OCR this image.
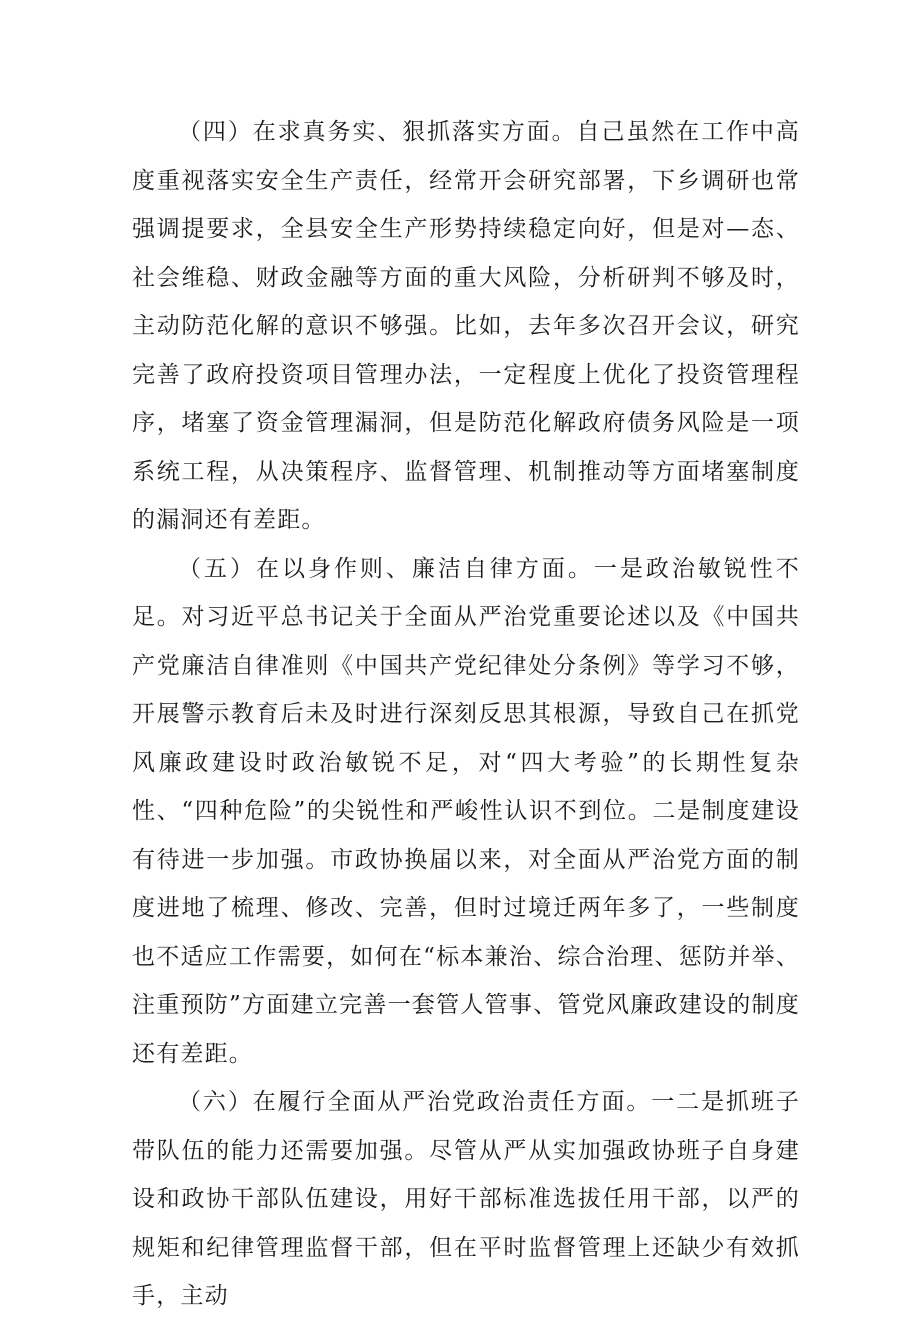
（四）在求真务实、狠抓落实方面。自己虽然在工作中高度重视落实安全生产责任，经常开会研究部署，下乡调研也常强调提要求，全县安全生产形势持续稳定向好，但是对—态、社会维稳、财政金融等方面的重大风险，分析研判不够及时，主动防范化解的意识不够强。比如，去年多次召开会议，研究完善了政府投资项目管理办法，一定程度上优化了投资管理程序，堵塞了资金管理漏洞，但是防范化解政府债务风险是一项系统工程，从决策程序、监督管理、机制推动等方面堵塞制度的漏洞还有差距。

（五）在以身作则、廉洁自律方面。一是政治敏锐性不足。对习近平总书记关于全面从严治党重要论述以及《中国共产党廉洁自律准则《中国共产党纪律处分条例》等学习不够，开展警示教育后未及时进行深刻反思其根源，导致自己在抓党风廉政建设时政治敏锐不足，对“四大考验”的长期性复杂性、“四种危险”的尖锐性和严峻性认识不到位。二是制度建设有待进一步加强。市政协换届以来，对全面从严治党方面的制度进地了梳理、修改、完善，但时过境迁两年多了，一些制度也不适应工作需要，如何在“标本兼治、综合治理、惩防并举、注重预防”方面建立完善一套管人管事、管党风廉政建设的制度还有差距。

（六）在履行全面从严治党政治责任方面。一二是抓班子带队伍的能力还需要加强。尽管从严从实加强政协班子自身建设和政协干部队伍建设，用好干部标准选拔任用干部，以严的规矩和纪律管理监督干部，但在平时监督管理上还缺少有效抓手，主动
